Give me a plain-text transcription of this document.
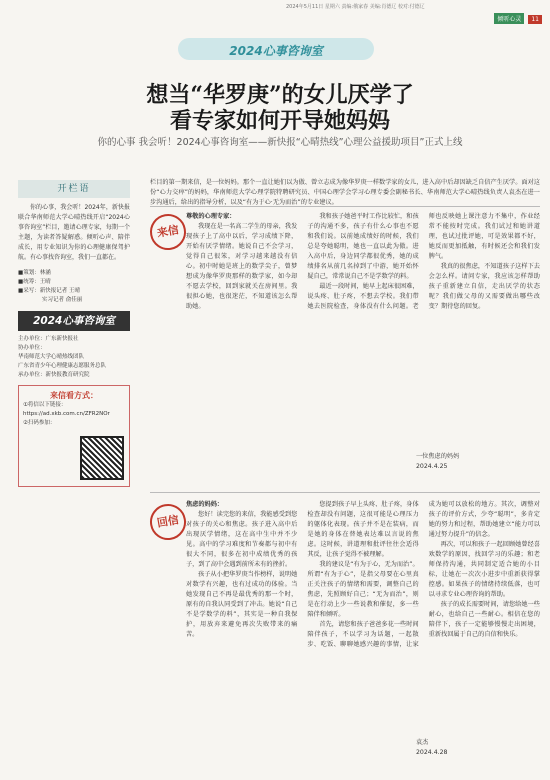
2024年5月11日 星期六 责编:俄家春 美编:肖德辽 校对:付德辽
倾听心灵 11
2024心事咨询室
想当“华罗庚”的女儿厌学了
看专家如何开导她妈妈
你的心事 我会听！2024心事咨询室——新快报“心晴热线”心理公益援助项目”正式上线
开栏语
你的心事，我会听！2024年，新快报联合华南师范大学心晴热线开启“2024心事咨询室”栏目，邀请心理专家，每期一个主题，为读者答疑解惑。倾听心声、陪伴成长，用专业知识为你的心理健康保驾护航。有心事找咨询室，我们一直都在。
■策划：林涵
■统筹：王晴
■采写：新快报记者 王晴
实习记者 俞佳丽
2024心事咨询室
主办单位：广东新快报社
协办单位：
华南师范大学心晴热线团队
广东省青少年心理健康志愿服务总队
承办单位：新快报教育研究院
来信看方式：
①将信以下链接：
https://ad.xkb.com.cn/ZFR2NOr
②扫码参加：
栏目的第一期来信，是一位妈妈。那个一直让她们以为傲、曾立志成为像华罗庚一样数学家的女儿，进入高中后却因缺乏自信产生厌学。面对这份“心力交瘁”的妈妈，华南师范大学心理学院特聘研究员、中国心理学会学习心理专委会副秘书长、华南师范大学心晴热线负责人袁杰在进一步沟通后，给出的指导分析，以及“有为于心·无为而治”的专业建议。
来信

尊敬的心理专家：

我现在是一名高二学生的母亲，我发现孩子上了高中以后，学习成绩下降，开始有厌学情绪。她说自己不会学习，觉得自己很笨，对学习越来越没有信心。初中时她是班上的数学尖子，曾梦想成为像华罗庚那样的数学家，如今却不愿去学校，回到家就关在房间里。我很担心她，也很迷茫，不知道该怎么帮助她。

我和孩子她爸平时工作比较忙，和孩子的沟通不多，孩子有什么心事也不愿和我们说。以前她成绩好的时候，我们总是夸她聪明，她也一直以此为傲。进入高中后，身边同学都很优秀，她的成绩排名从前几名掉到了中游，她开始怀疑自己，常常说自己不是学数学的料。

最近一段时间，她早上起床很困难，说头疼、肚子疼，不想去学校。我们带她去医院检查，身体没有什么问题。老师也反映她上课注意力不集中，作业经常不能按时完成。我们试过和她讲道理，也试过批评她，可是效果都不好，她反而更加抵触，有时候还会和我们发脾气。

我真的很焦虑，不知道孩子这样下去会怎么样。请问专家，我应该怎样帮助孩子重新建立自信，走出厌学的状态呢？我们做父母的又需要做出哪些改变？期待您的回复。

一位焦虑的妈妈
2024.4.25
回信

焦虑的妈妈：

您好！读完您的来信，我能感受到您对孩子的关心和焦虑。孩子进入高中后出现厌学情绪，这在高中生中并不少见。高中的学习难度和节奏都与初中有很大不同，很多在初中成绩优秀的孩子，到了高中会遇到前所未有的挫折。

孩子从小把华罗庚当作榜样，说明她对数学有兴趣，也有过成功的体验。当她发现自己不再是最优秀的那一个时，原有的自我认同受到了冲击。她说“自己不是学数学的料”，其实是一种自我保护，用放弃来避免再次失败带来的痛苦。

您提到孩子早上头疼、肚子疼，身体检查却没有问题，这很可能是心理压力的躯体化表现。孩子并不是在装病，而是她的身体在替她表达难以言说的焦虑。这时候，讲道理和批评往往会适得其反，让孩子觉得不被理解。

我的建议是“有为于心，无为而治”。所谓“有为于心”，是指父母要在心里真正关注孩子的情绪和需要，调整自己的焦虑，先照顾好自己；“无为而治”，则是在行动上少一些说教和催促，多一些陪伴和倾听。

首先，请您和孩子爸爸多花一些时间陪伴孩子，不以学习为话题，一起散步、吃饭、聊聊她感兴趣的事情，让家成为她可以放松的地方。其次，调整对孩子的评价方式，少夸“聪明”，多肯定她的努力和过程，帮助她建立“能力可以通过努力提升”的信念。

再次，可以和孩子一起回顾她曾经喜欢数学的原因，找回学习的乐趣；和老师保持沟通，共同制定适合她的小目标，让她在一次次小进步中重新获得掌控感。如果孩子的情绪持续低落，也可以寻求专业心理咨询的帮助。

孩子的成长需要时间，请您给她一些耐心，也给自己一些耐心。相信在您的陪伴下，孩子一定能够慢慢走出困境，重新找回属于自己的自信和快乐。

袁杰
2024.4.28
